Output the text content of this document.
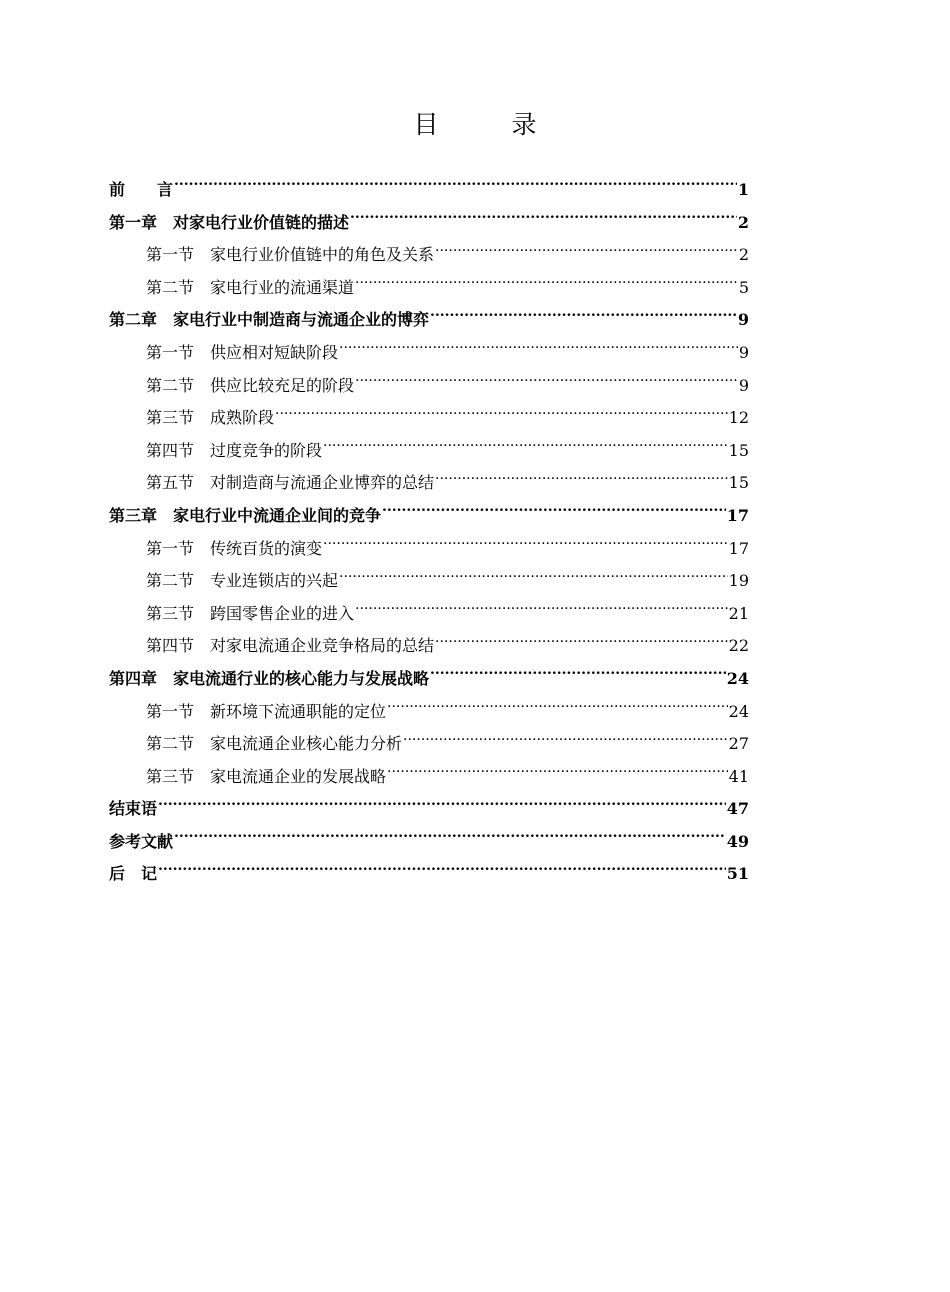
目　录
前　　言 .....	1
第一章　对家电行业价值链的描述 .....	2
第一节　家电行业价值链中的角色及关系 .....	2
第二节　家电行业的流通渠道 .....	5
第二章　家电行业中制造商与流通企业的博弈 .....	9
第一节　供应相对短缺阶段 .....	9
第二节　供应比较充足的阶段 .....	9
第三节　成熟阶段 .....	12
第四节　过度竞争的阶段 .....	15
第五节　对制造商与流通企业博弈的总结 .....	15
第三章　家电行业中流通企业间的竞争 .....	17
第一节　传统百货的演变 .....	17
第二节　专业连锁店的兴起 .....	19
第三节　跨国零售企业的进入 .....	21
第四节　对家电流通企业竞争格局的总结 .....	22
第四章　家电流通行业的核心能力与发展战略 .....	24
第一节　新环境下流通职能的定位 .....	24
第二节　家电流通企业核心能力分析 .....	27
第三节　家电流通企业的发展战略 .....	41
结束语 .....	47
参考文献 .....	49
后　记 .....	51
